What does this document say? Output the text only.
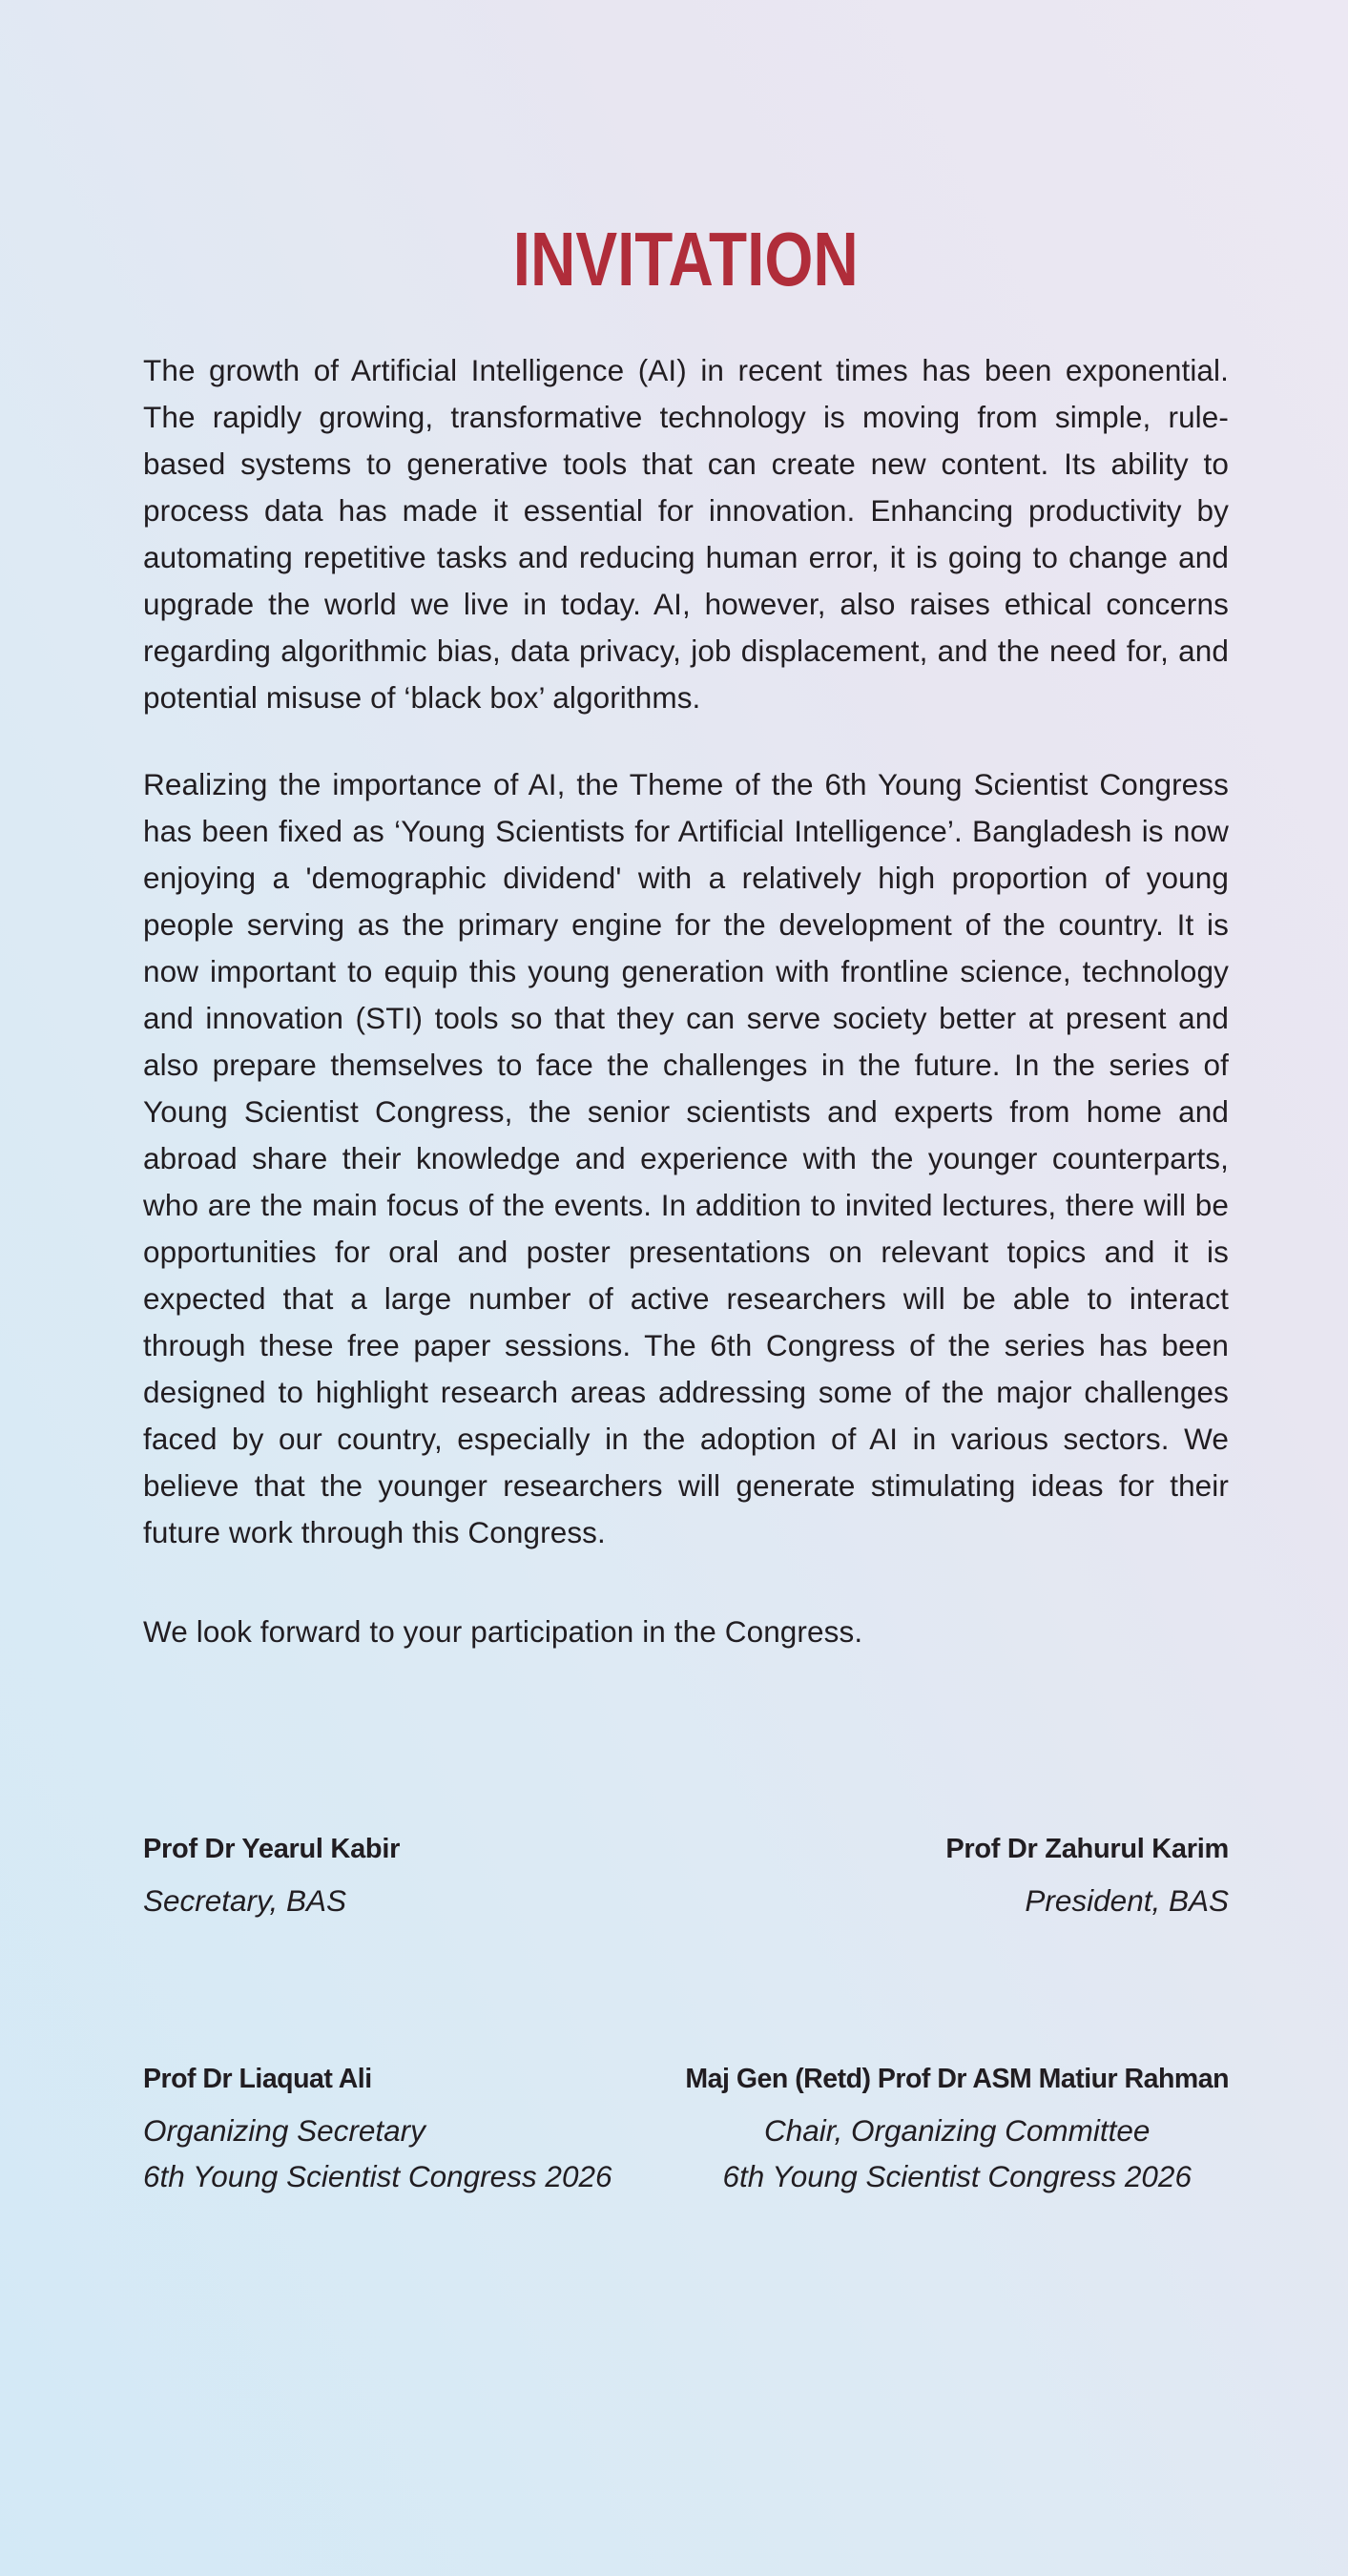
INVITATION

The growth of Artificial Intelligence (AI) in recent times has been exponential. The rapidly growing, transformative technology is moving from simple, rule-based systems to generative tools that can create new content. Its ability to process data has made it essential for innovation. Enhancing productivity by automating repetitive tasks and reducing human error, it is going to change and upgrade the world we live in today. AI, however, also raises ethical concerns regarding algorithmic bias, data privacy, job displacement, and the need for, and potential misuse of ‘black box’ algorithms.

Realizing the importance of AI, the Theme of the 6th Young Scientist Congress has been fixed as ‘Young Scientists for Artificial Intelligence’. Bangladesh is now enjoying a 'demographic dividend' with a relatively high proportion of young people serving as the primary engine for the development of the country. It is now important to equip this young generation with frontline science, technology and innovation (STI) tools so that they can serve society better at present and also prepare themselves to face the challenges in the future. In the series of Young Scientist Congress, the senior scientists and experts from home and abroad share their knowledge and experience with the younger counterparts, who are the main focus of the events. In addition to invited lectures, there will be opportunities for oral and poster presentations on relevant topics and it is expected that a large number of active researchers will be able to interact through these free paper sessions. The 6th Congress of the series has been designed to highlight research areas addressing some of the major challenges faced by our country, especially in the adoption of AI in various sectors. We believe that the younger researchers will generate stimulating ideas for their future work through this Congress.

We look forward to your participation in the Congress.

Prof Dr Yearul Kabir
Secretary, BAS
Prof Dr Zahurul Karim
President, BAS
Prof Dr Liaquat Ali
Organizing Secretary
6th Young Scientist Congress 2026
Maj Gen (Retd) Prof Dr ASM Matiur Rahman
Chair, Organizing Committee
6th Young Scientist Congress 2026
